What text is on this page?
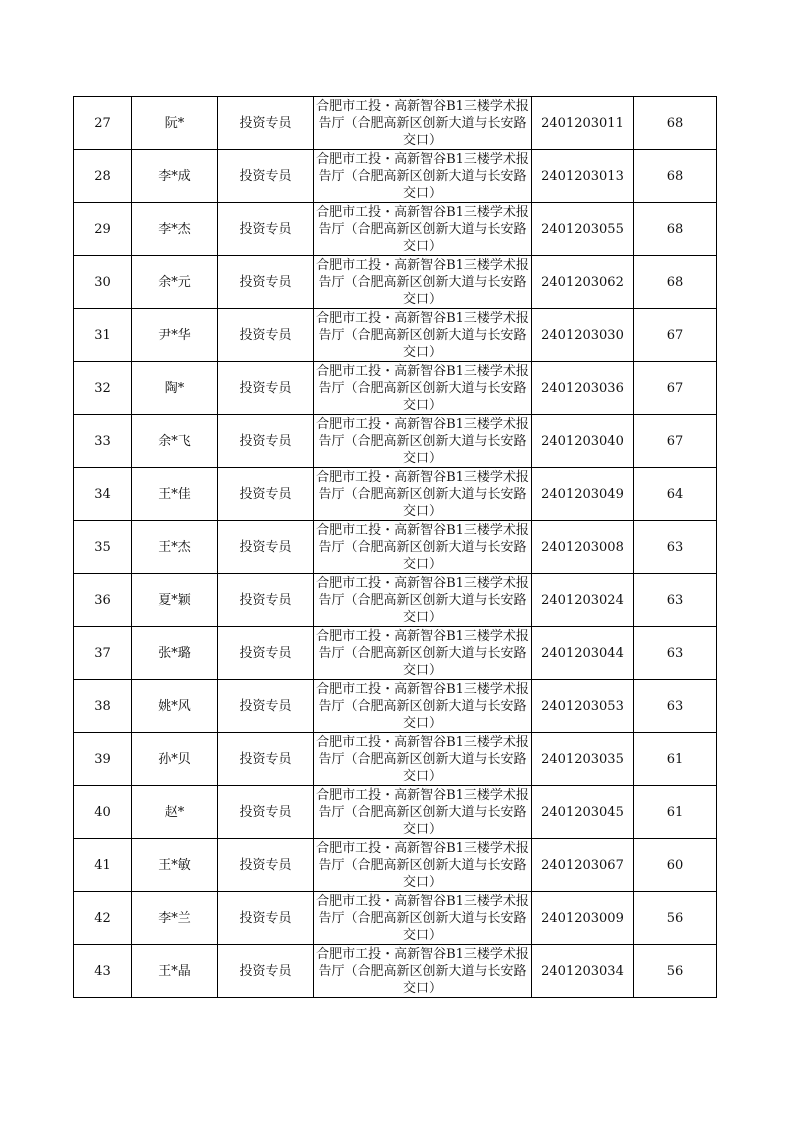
27	阮*	投资专员	合肥市工投・高新智谷B1三楼学术报告厅（合肥高新区创新大道与长安路交口）	2401203011	68
28	李*成	投资专员	合肥市工投・高新智谷B1三楼学术报告厅（合肥高新区创新大道与长安路交口）	2401203013	68
29	李*杰	投资专员	合肥市工投・高新智谷B1三楼学术报告厅（合肥高新区创新大道与长安路交口）	2401203055	68
30	余*元	投资专员	合肥市工投・高新智谷B1三楼学术报告厅（合肥高新区创新大道与长安路交口）	2401203062	68
31	尹*华	投资专员	合肥市工投・高新智谷B1三楼学术报告厅（合肥高新区创新大道与长安路交口）	2401203030	67
32	陶*	投资专员	合肥市工投・高新智谷B1三楼学术报告厅（合肥高新区创新大道与长安路交口）	2401203036	67
33	余*飞	投资专员	合肥市工投・高新智谷B1三楼学术报告厅（合肥高新区创新大道与长安路交口）	2401203040	67
34	王*佳	投资专员	合肥市工投・高新智谷B1三楼学术报告厅（合肥高新区创新大道与长安路交口）	2401203049	64
35	王*杰	投资专员	合肥市工投・高新智谷B1三楼学术报告厅（合肥高新区创新大道与长安路交口）	2401203008	63
36	夏*颖	投资专员	合肥市工投・高新智谷B1三楼学术报告厅（合肥高新区创新大道与长安路交口）	2401203024	63
37	张*璐	投资专员	合肥市工投・高新智谷B1三楼学术报告厅（合肥高新区创新大道与长安路交口）	2401203044	63
38	姚*风	投资专员	合肥市工投・高新智谷B1三楼学术报告厅（合肥高新区创新大道与长安路交口）	2401203053	63
39	孙*贝	投资专员	合肥市工投・高新智谷B1三楼学术报告厅（合肥高新区创新大道与长安路交口）	2401203035	61
40	赵*	投资专员	合肥市工投・高新智谷B1三楼学术报告厅（合肥高新区创新大道与长安路交口）	2401203045	61
41	王*敏	投资专员	合肥市工投・高新智谷B1三楼学术报告厅（合肥高新区创新大道与长安路交口）	2401203067	60
42	李*兰	投资专员	合肥市工投・高新智谷B1三楼学术报告厅（合肥高新区创新大道与长安路交口）	2401203009	56
43	王*晶	投资专员	合肥市工投・高新智谷B1三楼学术报告厅（合肥高新区创新大道与长安路交口）	2401203034	56
